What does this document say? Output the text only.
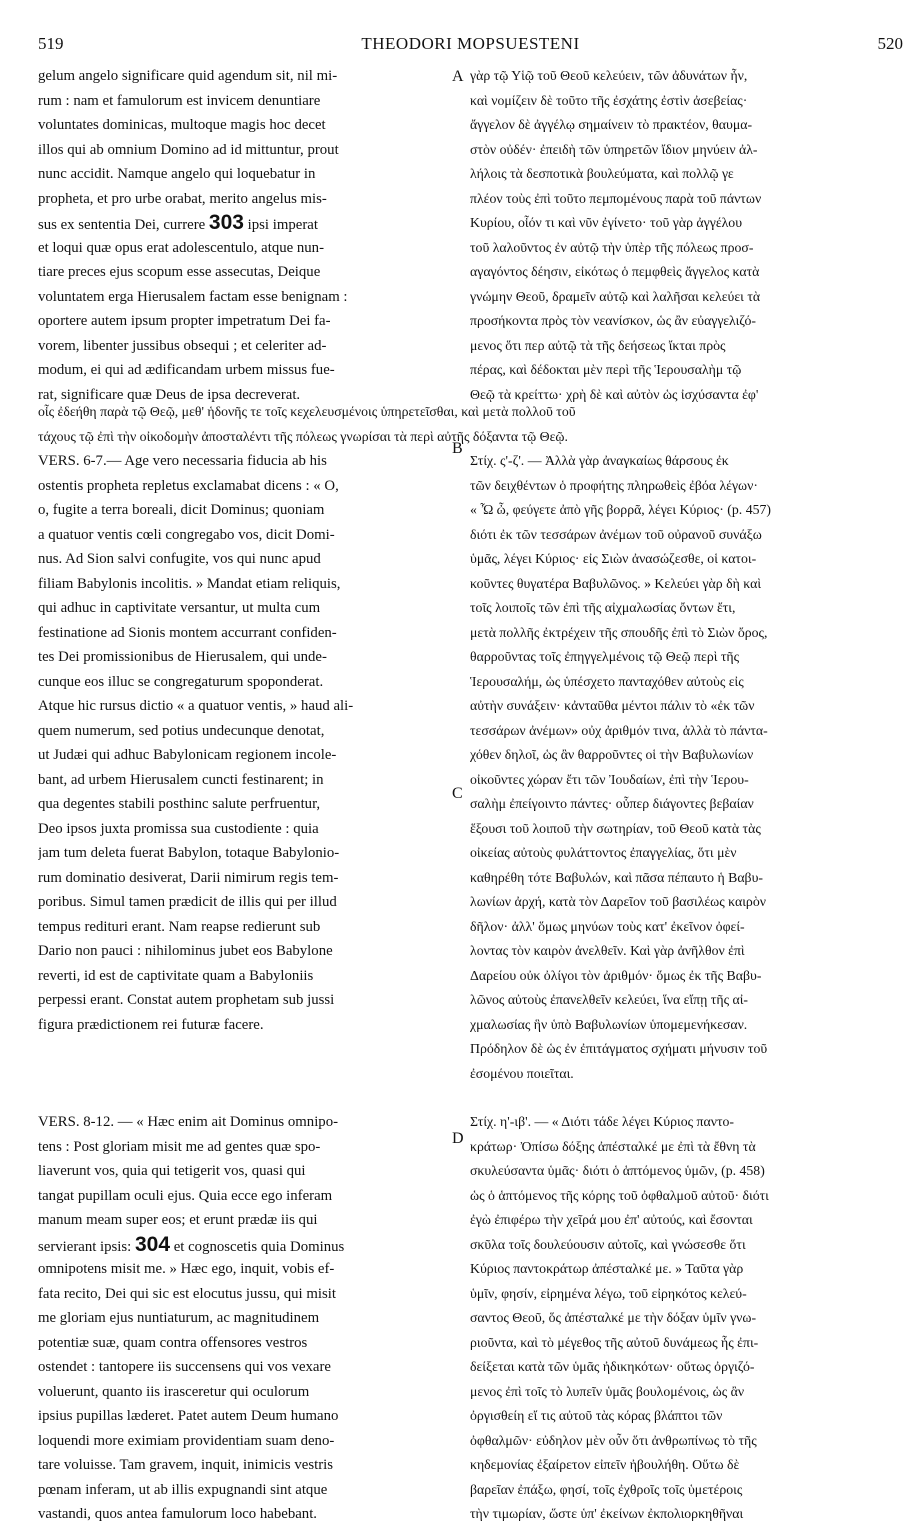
519	THEODORI MOPSUESTENI	520
A
B
C
D
gelum angelo significare quid agendum sit, nil mi-
rum : nam et famulorum est invicem denuntiare
voluntates dominicas, multoque magis hoc decet
illos qui ab omnium Domino ad id mittuntur, prout
nunc accidit. Namque angelo qui loquebatur in
propheta, et pro urbe orabat, merito angelus mis-
sus ex sententia Dei, currere 303 ipsi imperat
et loqui quæ opus erat adolescentulo, atque nun-
tiare preces ejus scopum esse assecutas, Deique
voluntatem erga Hierusalem factam esse benignam :
oportere autem ipsum propter impetratum Dei fa-
vorem, libenter jussibus obsequi ; et celeriter ad-
modum, ei qui ad ædificandam urbem missus fue-
rat, significare quæ Deus de ipsa decreverat.
γὰρ τῷ Υἱῷ τοῦ Θεοῦ κελεύειν, τῶν ἀδυνάτων ἦν,
καὶ νομίζειν δὲ τοῦτο τῆς ἐσχάτης ἐστὶν ἀσεβείας·
ἄγγελον δὲ ἀγγέλῳ σημαίνειν τὸ πρακτέον, θαυμα-
στὸν οὐδέν· ἐπειδὴ τῶν ὑπηρετῶν ἴδιον μηνύειν ἀλ-
λήλοις τὰ δεσποτικὰ βουλεύματα, καὶ πολλῷ γε
πλέον τοὺς ἐπὶ τοῦτο πεμπομένους παρὰ τοῦ πάντων
Κυρίου, οἷόν τι καὶ νῦν ἐγίνετο· τοῦ γὰρ ἀγγέλου
τοῦ λαλοῦντος ἐν αὐτῷ τὴν ὑπὲρ τῆς πόλεως προσ-
αγαγόντος δέησιν, εἰκότως ὁ πεμφθεὶς ἄγγελος κατὰ
γνώμην Θεοῦ, δραμεῖν αὐτῷ καὶ λαλῆσαι κελεύει τὰ
προσήκοντα πρὸς τὸν νεανίσκον, ὡς ἂν εὐαγγελιζό-
μενος ὅτι περ αὐτῷ τὰ τῆς δεήσεως ἴκται πρὸς
πέρας, καὶ δέδοκται μὲν περὶ τῆς Ἱερουσαλὴμ τῷ
Θεῷ τὰ κρείττω· χρὴ δὲ καὶ αὐτὸν ὡς ἰσχύσαντα ἐφ'
οἷς ἐδεήθη παρὰ τῷ Θεῷ, μεθ' ἡδονῆς τε τοῖς κεχελευσμένοις ὑπηρετεῖσθαι, καὶ μετὰ πολλοῦ τοῦ
τάχους τῷ ἐπὶ τὴν οἰκοδομὴν ἀποσταλέντι τῆς πόλεως γνωρίσαι τὰ περὶ αὐτῆς δόξαντα τῷ Θεῷ.
VERS. 6-7.— Age vero necessaria fiducia ab his
ostentis propheta repletus exclamabat dicens : « O,
o, fugite a terra boreali, dicit Dominus; quoniam
a quatuor ventis cœli congregabo vos, dicit Domi-
nus. Ad Sion salvi confugite, vos qui nunc apud
filiam Babylonis incolitis. » Mandat etiam reliquis,
qui adhuc in captivitate versantur, ut multa cum
festinatione ad Sionis montem accurrant confiden-
tes Dei promissionibus de Hierusalem, qui unde-
cunque eos illuc se congregaturum spoponderat.
Atque hic rursus dictio « a quatuor ventis, » haud ali-
quem numerum, sed potius undecunque denotat,
ut Judæi qui adhuc Babylonicam regionem incole-
bant, ad urbem Hierusalem cuncti festinarent; in
qua degentes stabili posthinc salute perfruentur,
Deo ipsos juxta promissa sua custodiente : quia
jam tum deleta fuerat Babylon, totaque Babylonio-
rum dominatio desiverat, Darii nimirum regis tem-
poribus. Simul tamen prædicit de illis qui per illud
tempus redituri erant. Nam reapse redierunt sub
Dario non pauci : nihilominus jubet eos Babylone
reverti, id est de captivitate quam a Babyloniis
perpessi erant. Constat autem prophetam sub jussi
figura prædictionem rei futuræ facere.
Στίχ. ς'-ζ'. — Ἀλλὰ γὰρ ἀναγκαίως θάρσους ἐκ
τῶν δειχθέντων ὁ προφήτης πληρωθεὶς ἐβόα λέγων·
« Ὦ ὦ, φεύγετε ἀπὸ γῆς βορρᾶ, λέγει Κύριος· (p. 457)
διότι ἐκ τῶν τεσσάρων ἀνέμων τοῦ οὐρανοῦ συνάξω
ὑμᾶς, λέγει Κύριος· εἰς Σιὼν ἀνασώζεσθε, οἱ κατοι-
κοῦντες θυγατέρα Βαβυλῶνος. » Κελεύει γὰρ δὴ καὶ
τοῖς λοιποῖς τῶν ἐπὶ τῆς αἰχμαλωσίας ὄντων ἔτι,
μετὰ πολλῆς ἐκτρέχειν τῆς σπουδῆς ἐπὶ τὸ Σιὼν ὄρος,
θαρροῦντας τοῖς ἐπηγγελμένοις τῷ Θεῷ περὶ τῆς
Ἱερουσαλήμ, ὡς ὑπέσχετο πανταχόθεν αὐτοὺς εἰς
αὐτὴν συνάξειν· κἀνταῦθα μέντοι πάλιν τὸ «ἐκ τῶν
τεσσάρων ἀνέμων» οὐχ ἀριθμόν τινα, ἀλλὰ τὸ πάντα-
χόθεν δηλοῖ, ὡς ἂν θαρροῦντες οἱ τὴν Βαβυλωνίων
οἰκοῦντες χώραν ἔτι τῶν Ἰουδαίων, ἐπὶ τὴν Ἱερου-
σαλὴμ ἐπείγοιντο πάντες· οὗπερ διάγοντες βεβαίαν
ἕξουσι τοῦ λοιποῦ τὴν σωτηρίαν, τοῦ Θεοῦ κατὰ τὰς
οἰκείας αὐτοὺς φυλάττοντος ἐπαγγελίας, ὅτι μὲν
καθηρέθη τότε Βαβυλών, καὶ πᾶσα πέπαυτο ἡ Βαβυ-
λωνίων ἀρχή, κατὰ τὸν Δαρεῖον τοῦ βασιλέως καιρὸν
δῆλον· ἀλλ' ὅμως μηνύων τοὺς κατ' ἐκεῖνον ὀφεί-
λοντας τὸν καιρὸν ἀνελθεῖν. Καὶ γὰρ ἀνῆλθον ἐπὶ
Δαρείου οὐκ ὀλίγοι τὸν ἀριθμόν· ὅμως ἐκ τῆς Βαβυ-
λῶνος αὐτοὺς ἐπανελθεῖν κελεύει, ἵνα εἴπῃ τῆς αἰ-
χμαλωσίας ἣν ὑπὸ Βαβυλωνίων ὑπομεμενήκεσαν.
Πρόδηλον δὲ ὡς ἐν ἐπιτάγματος σχήματι μήνυσιν τοῦ
ἐσομένου ποιεῖται.
VERS. 8-12. — « Hæc enim ait Dominus omnipo-
tens : Post gloriam misit me ad gentes quæ spo-
liaverunt vos, quia qui tetigerit vos, quasi qui
tangat pupillam oculi ejus. Quia ecce ego inferam
manum meam super eos; et erunt prædæ iis qui
servierant ipsis: 304 et cognoscetis quia Dominus
omnipotens misit me. » Hæc ego, inquit, vobis ef-
fata recito, Dei qui sic est elocutus jussu, qui misit
me gloriam ejus nuntiaturum, ac magnitudinem
potentiæ suæ, quam contra offensores vestros
ostendet : tantopere iis succensens qui vos vexare
voluerunt, quanto iis irasceretur qui oculorum
ipsius pupillas læderet. Patet autem Deum humano
loquendi more eximiam providentiam suam deno-
tare voluisse. Tam gravem, inquit, inimicis vestris
pœnam inferam, ut ab illis expugnandi sint atque
vastandi, quos antea famulorum loco habebant.
Στίχ. η'-ιβ'. — « Διότι τάδε λέγει Κύριος παντο-
κράτωρ· Ὀπίσω δόξης ἀπέσταλκέ με ἐπὶ τὰ ἔθνη τὰ
σκυλεύσαντα ὑμᾶς· διότι ὁ ἁπτόμενος ὑμῶν, (p. 458)
ὡς ὁ ἁπτόμενος τῆς κόρης τοῦ ὀφθαλμοῦ αὐτοῦ· διότι
ἐγὼ ἐπιφέρω τὴν χεῖρά μου ἐπ' αὐτούς, καὶ ἔσονται
σκῦλα τοῖς δουλεύουσιν αὐτοῖς, καὶ γνώσεσθε ὅτι
Κύριος παντοκράτωρ ἀπέσταλκέ με. » Ταῦτα γὰρ
ὑμῖν, φησίν, εἰρημένα λέγω, τοῦ εἰρηκότος κελεύ-
σαντος Θεοῦ, ὅς ἀπέσταλκέ με τὴν δόξαν ὑμῖν γνω-
ριοῦντα, καὶ τὸ μέγεθος τῆς αὐτοῦ δυνάμεως ἧς ἐπι-
δείξεται κατὰ τῶν ὑμᾶς ἠδικηκότων· οὕτως ὀργιζό-
μενος ἐπὶ τοῖς τὸ λυπεῖν ὑμᾶς βουλομένοις, ὡς ἂν
ὀργισθείη εἴ τις αὐτοῦ τὰς κόρας βλάπτοι τῶν
ὀφθαλμῶν· εὐδηλον μὲν οὖν ὅτι ἀνθρωπίνως τὸ τῆς
κηδεμονίας ἐξαίρετον εἰπεῖν ἠβουλήθη. Οὕτω δὲ
βαρεῖαν ἐπάξω, φησί, τοῖς ἐχθροῖς τοῖς ὑμετέροις
τὴν τιμωρίαν, ὥστε ὑπ' ἐκείνων ἐκπολιορκηθῆναι
